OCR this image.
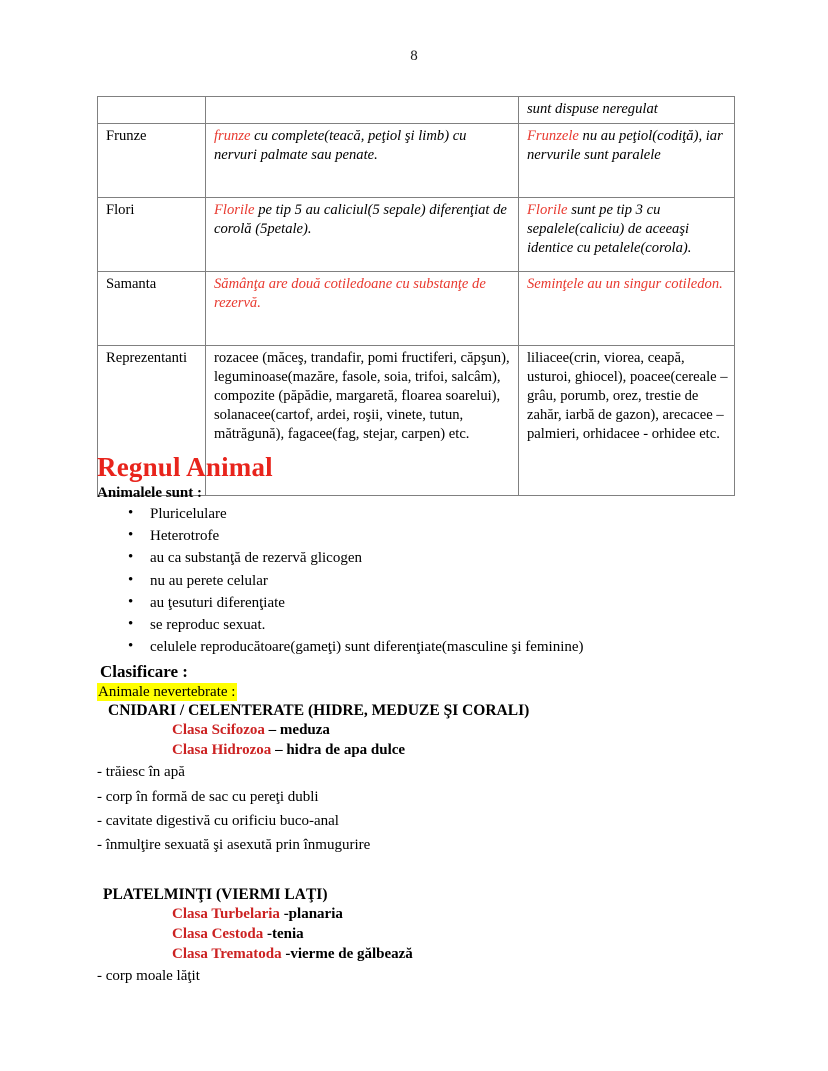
8
		sunt dispuse neregulat
Frunze	frunze cu complete(teacă, peţiol şi limb) cu nervuri palmate sau penate.	Frunzele nu au peţiol(codiţă), iar nervurile sunt paralele
Flori	Florile pe tip 5 au caliciul(5 sepale) diferenţiat de corolă (5petale).	Florile sunt pe tip 3 cu sepalele(caliciu) de aceeaşi identice cu petalele(corola).
Samanta	Sămânţa are două cotiledoane cu substanţe de rezervă.	Seminţele au un singur cotiledon.
Reprezentanti	rozacee (măceş, trandafir, pomi fructiferi, căpşun), leguminoase(mazăre, fasole, soia, trifoi, salcâm), compozite (păpădie, margaretă, floarea soarelui), solanacee(cartof, ardei, roşii, vinete, tutun, mătrăgună), fagacee(fag, stejar, carpen) etc.	liliacee(crin, viorea, ceapă, usturoi, ghiocel), poacee(cereale – grâu, porumb, orez, trestie de zahăr, iarbă de gazon), arecacee – palmieri, orhidacee - orhidee etc.
Regnul Animal
Animalele sunt :
• Pluricelulare
• Heterotrofe
• au ca substanţă de rezervă glicogen
• nu au perete celular
• au ţesuturi diferenţiate
• se reproduc sexuat.
• celulele reproducătoare(gameţi) sunt diferenţiate(masculine şi feminine)
Clasificare :
Animale nevertebrate :
CNIDARI / CELENTERATE (HIDRE, MEDUZE ŞI CORALI)
Clasa Scifozoa – meduza
Clasa Hidrozoa – hidra de apa dulce
- trăiesc în apă
- corp în formă de sac cu pereţi dubli
- cavitate digestivă cu orificiu buco-anal
- înmulţire sexuată şi asexută prin înmugurire
PLATELMINŢI (VIERMI LAŢI)
Clasa Turbelaria -planaria
Clasa Cestoda -tenia
Clasa Trematoda -vierme de gălbează
- corp moale lăţit
